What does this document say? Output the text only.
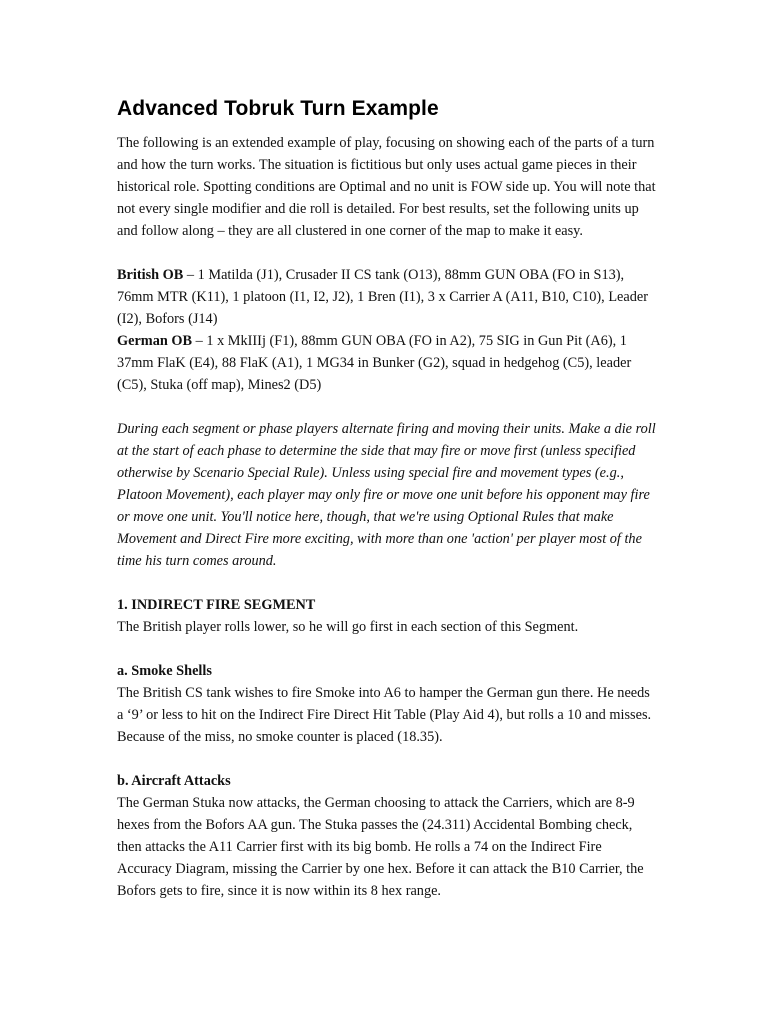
Advanced Tobruk Turn Example

The following is an extended example of play, focusing on showing each of the parts of a turn and how the turn works. The situation is fictitious but only uses actual game pieces in their historical role. Spotting conditions are Optimal and no unit is FOW side up. You will note that not every single modifier and die roll is detailed. For best results, set the following units up and follow along – they are all clustered in one corner of the map to make it easy.

British OB – 1 Matilda (J1), Crusader II CS tank (O13), 88mm GUN OBA (FO in S13), 76mm MTR (K11), 1 platoon (I1, I2, J2), 1 Bren (I1), 3 x Carrier A (A11, B10, C10), Leader (I2), Bofors (J14)

German OB – 1 x MkIIIj (F1), 88mm GUN OBA (FO in A2), 75 SIG in Gun Pit (A6), 1 37mm FlaK (E4), 88 FlaK (A1), 1 MG34 in Bunker (G2), squad in hedgehog (C5), leader (C5), Stuka (off map), Mines2 (D5)

During each segment or phase players alternate firing and moving their units. Make a die roll at the start of each phase to determine the side that may fire or move first (unless specified otherwise by Scenario Special Rule). Unless using special fire and movement types (e.g., Platoon Movement), each player may only fire or move one unit before his opponent may fire or move one unit. You'll notice here, though, that we're using Optional Rules that make Movement and Direct Fire more exciting, with more than one 'action' per player most of the time his turn comes around.

1. INDIRECT FIRE SEGMENT

The British player rolls lower, so he will go first in each section of this Segment.

a. Smoke Shells

The British CS tank wishes to fire Smoke into A6 to hamper the German gun there. He needs a ‘9’ or less to hit on the Indirect Fire Direct Hit Table (Play Aid 4), but rolls a 10 and misses. Because of the miss, no smoke counter is placed (18.35).

b. Aircraft Attacks

The German Stuka now attacks, the German choosing to attack the Carriers, which are 8-9 hexes from the Bofors AA gun. The Stuka passes the (24.311) Accidental Bombing check, then attacks the A11 Carrier first with its big bomb. He rolls a 74 on the Indirect Fire Accuracy Diagram, missing the Carrier by one hex. Before it can attack the B10 Carrier, the Bofors gets to fire, since it is now within its 8 hex range.
